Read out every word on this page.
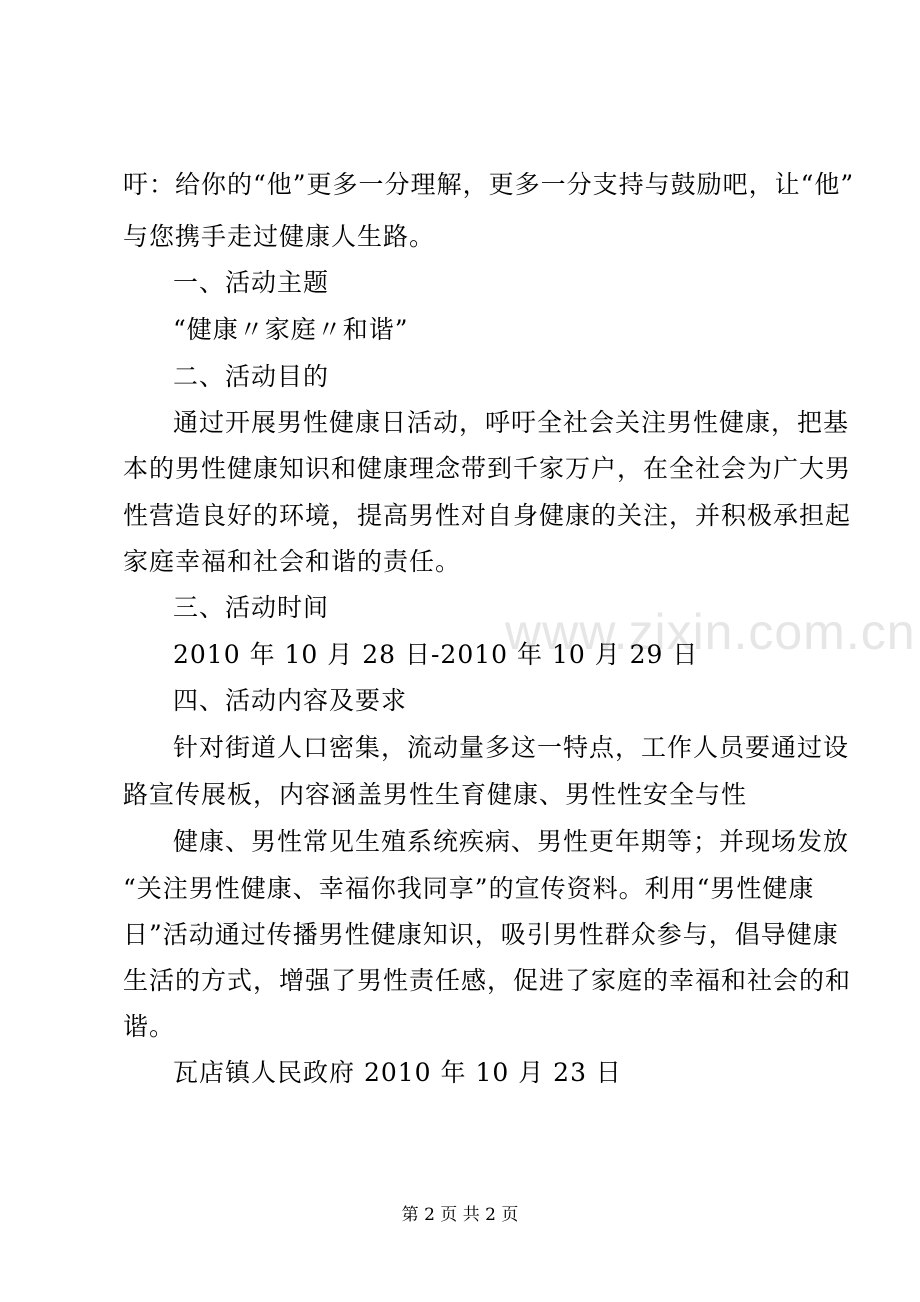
www.zixin.com.cn
吁：给你的“他”更多一分理解，更多一分支持与鼓励吧，让“他”
与您携手走过健康人生路。
一、活动主题
“健康〃家庭〃和谐”
二、活动目的
通过开展男性健康日活动，呼吁全社会关注男性健康，把基
本的男性健康知识和健康理念带到千家万户，在全社会为广大男
性营造良好的环境，提高男性对自身健康的关注，并积极承担起
家庭幸福和社会和谐的责任。
三、活动时间
2010 年 10 月 28 日-2010 年 10 月 29 日
四、活动内容及要求
针对街道人口密集，流动量多这一特点，工作人员要通过设
路宣传展板，内容涵盖男性生育健康、男性性安全与性
健康、男性常见生殖系统疾病、男性更年期等；并现场发放
“关注男性健康、幸福你我同享”的宣传资料。利用“男性健康
日”活动通过传播男性健康知识，吸引男性群众参与，倡导健康
生活的方式，增强了男性责任感，促进了家庭的幸福和社会的和
谐。
瓦店镇人民政府 2010 年 10 月 23 日
第 2 页 共 2 页
